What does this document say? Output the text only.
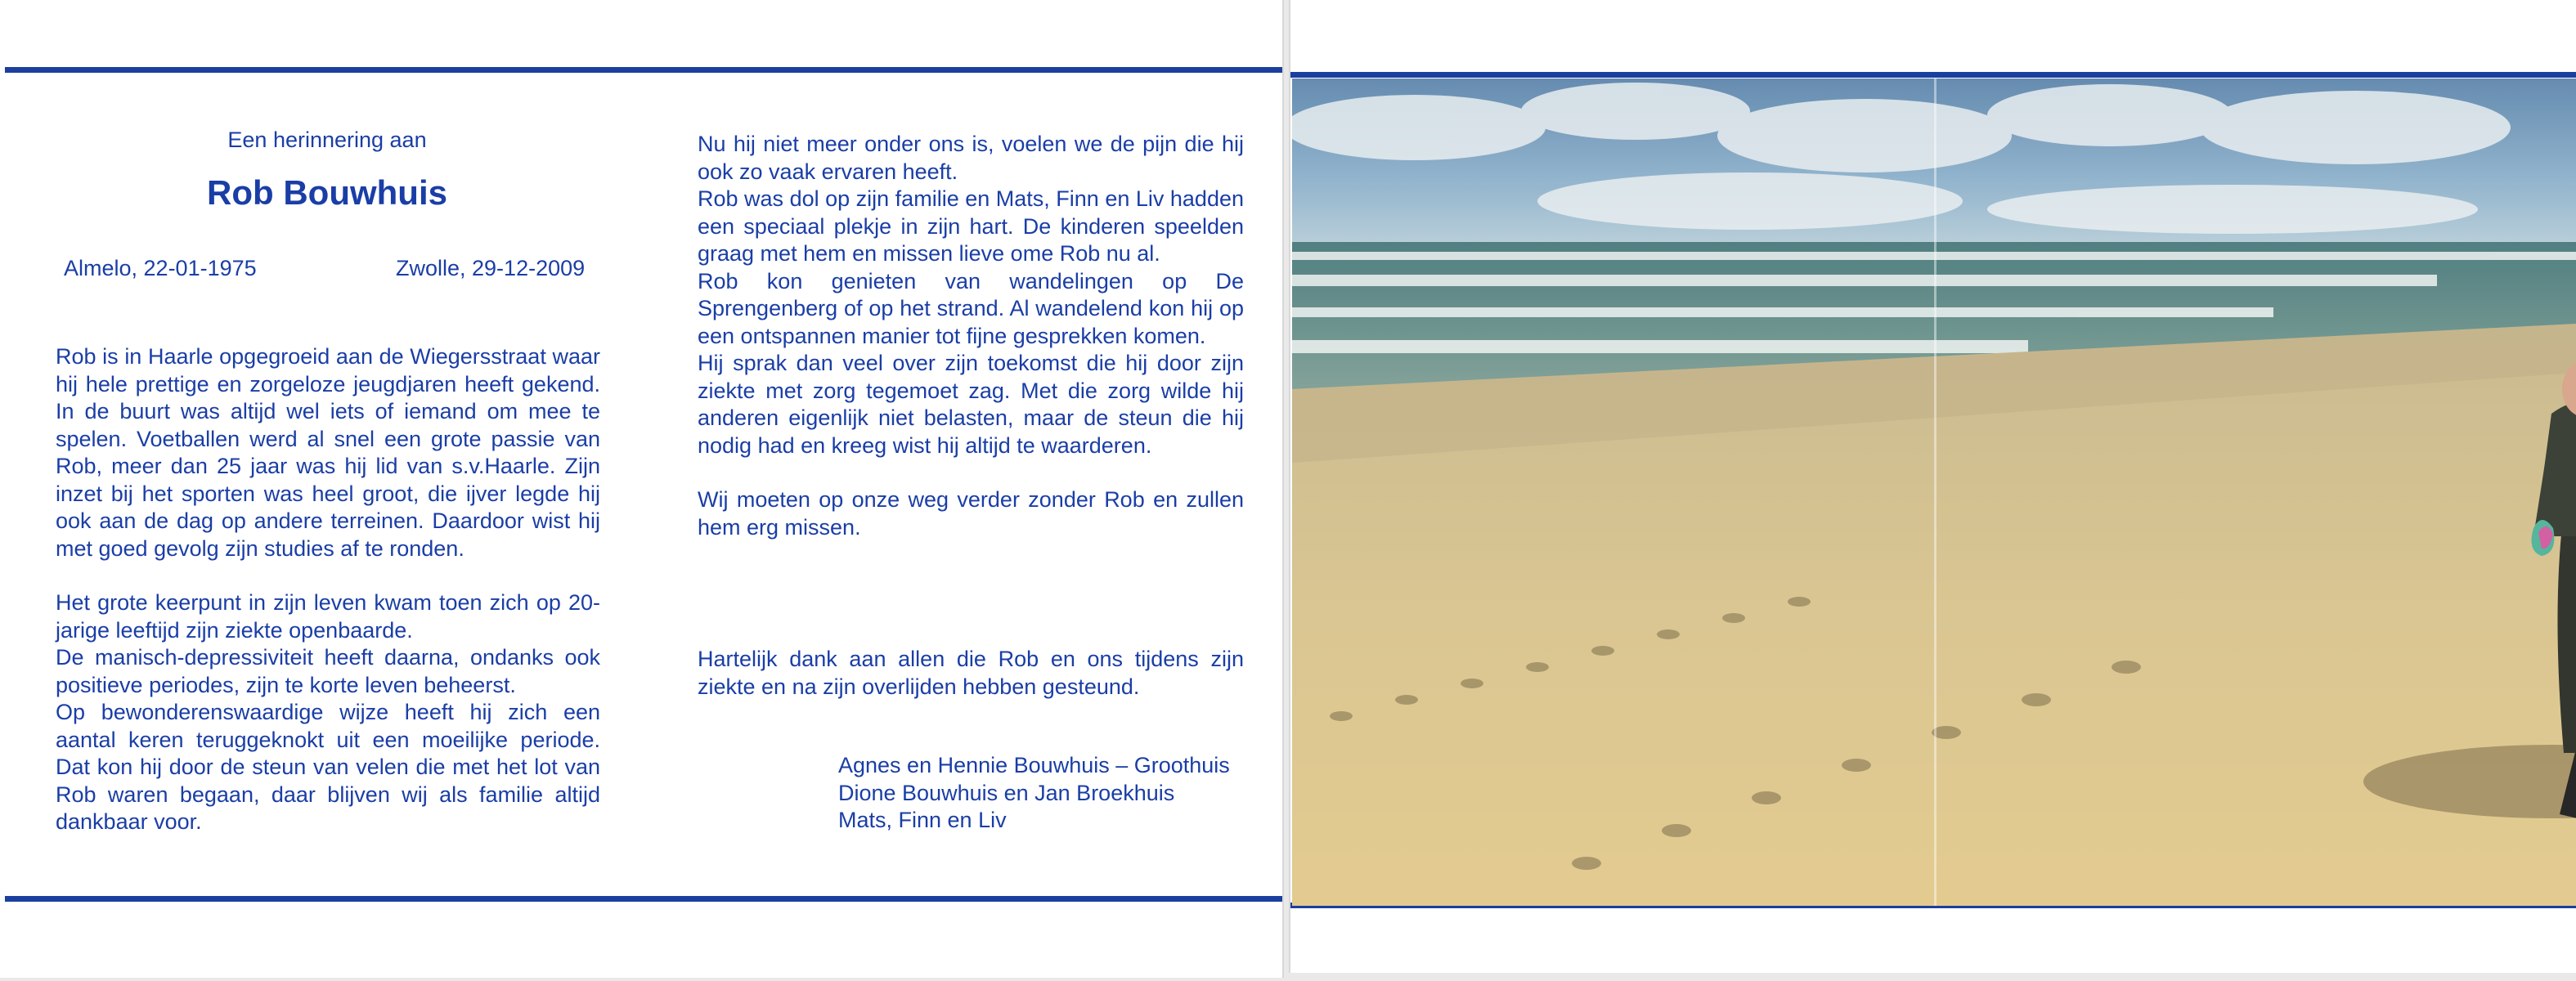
Een herinnering aan
Rob Bouwhuis
Almelo, 22-01-1975	Zwolle, 29-12-2009

Rob is in Haarle opgegroeid aan de Wiegersstraat waar hij hele prettige en zorgeloze jeugdjaren heeft gekend. In de buurt was altijd wel iets of iemand om mee te spelen. Voetballen werd al snel een grote passie van Rob, meer dan 25 jaar was hij lid van s.v.Haarle. Zijn inzet bij het sporten was heel groot, die ijver legde hij ook aan de dag op andere terreinen. Daardoor wist hij met goed gevolg zijn studies af te ronden.

Het grote keerpunt in zijn leven kwam toen zich op 20-jarige leeftijd zijn ziekte openbaarde.

De manisch-depressiviteit heeft daarna, ondanks ook positieve periodes, zijn te korte leven beheerst.

Op bewonderenswaardige wijze heeft hij zich een aantal keren teruggeknokt uit een moeilijke periode. Dat kon hij door de steun van velen die met het lot van Rob waren begaan, daar blijven wij als familie altijd dankbaar voor.

Nu hij niet meer onder ons is, voelen we de pijn die hij ook zo vaak ervaren heeft.

Rob was dol op zijn familie en Mats, Finn en Liv hadden een speciaal plekje in zijn hart. De kinderen speelden graag met hem en missen lieve ome Rob nu al.

Rob kon genieten van wandelingen op De Sprengenberg of op het strand. Al wandelend kon hij op een ontspannen manier tot fijne gesprekken komen.

Hij sprak dan veel over zijn toekomst die hij door zijn ziekte met zorg tegemoet zag. Met die zorg wilde hij anderen eigenlijk niet belasten, maar de steun die hij nodig had en kreeg wist hij altijd te waarderen.

Wij moeten op onze weg verder zonder Rob en zullen hem erg missen.

Hartelijk dank aan allen die Rob en ons tijdens zijn ziekte en na zijn overlijden hebben gesteund.
Agnes en Hennie Bouwhuis – Groothuis
Dione Bouwhuis en Jan Broekhuis
Mats, Finn en Liv
